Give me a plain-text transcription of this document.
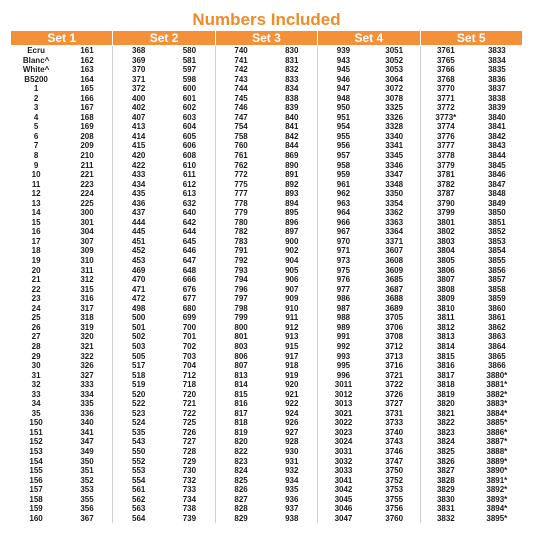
Numbers Included
Set 1		Set 2		Set 3		Set 4		Set 5	
Ecru	161	368	580	740	830	939	3051	3761	3833
Blanc^	162	369	581	741	831	943	3052	3765	3834
White^	163	370	597	742	832	945	3053	3766	3835
B5200	164	371	598	743	833	946	3064	3768	3836
1	165	372	600	744	834	947	3072	3770	3837
2	166	400	601	745	838	948	3078	3771	3838
3	167	402	602	746	839	950	3325	3772	3839
4	168	407	603	747	840	951	3326	3773*	3840
5	169	413	604	754	841	954	3328	3774	3841
6	208	414	605	758	842	955	3340	3776	3842
7	209	415	606	760	844	956	3341	3777	3843
8	210	420	608	761	869	957	3345	3778	3844
9	211	422	610	762	890	958	3346	3779	3845
10	221	433	611	772	891	959	3347	3781	3846
11	223	434	612	775	892	961	3348	3782	3847
12	224	435	613	777	893	962	3350	3787	3848
13	225	436	632	778	894	963	3354	3790	3849
14	300	437	640	779	895	964	3362	3799	3850
15	301	444	642	780	896	966	3363	3801	3851
16	304	445	644	782	897	967	3364	3802	3852
17	307	451	645	783	900	970	3371	3803	3853
18	309	452	646	791	902	971	3607	3804	3854
19	310	453	647	792	904	973	3608	3805	3855
20	311	469	648	793	905	975	3609	3806	3856
21	312	470	666	794	906	976	3685	3807	3857
22	315	471	676	796	907	977	3687	3808	3858
23	316	472	677	797	909	986	3688	3809	3859
24	317	498	680	798	910	987	3689	3810	3860
25	318	500	699	799	911	988	3705	3811	3861
26	319	501	700	800	912	989	3706	3812	3862
27	320	502	701	801	913	991	3708	3813	3863
28	321	503	702	803	915	992	3712	3814	3864
29	322	505	703	806	917	993	3713	3815	3865
30	326	517	704	807	918	995	3716	3816	3866
31	327	518	712	813	919	996	3721	3817	3880*
32	333	519	718	814	920	3011	3722	3818	3881*
33	334	520	720	815	921	3012	3726	3819	3882*
34	335	522	721	816	922	3013	3727	3820	3883*
35	336	523	722	817	924	3021	3731	3821	3884*
150	340	524	725	818	926	3022	3733	3822	3885*
151	341	535	726	819	927	3023	3740	3823	3886*
152	347	543	727	820	928	3024	3743	3824	3887*
153	349	550	728	822	930	3031	3746	3825	3888*
154	350	552	729	823	931	3032	3747	3826	3889*
155	351	553	730	824	932	3033	3750	3827	3890*
156	352	554	732	825	934	3041	3752	3828	3891*
157	353	561	733	826	935	3042	3753	3829	3892*
158	355	562	734	827	936	3045	3755	3830	3893*
159	356	563	738	828	937	3046	3756	3831	3894*
160	367	564	739	829	938	3047	3760	3832	3895*
